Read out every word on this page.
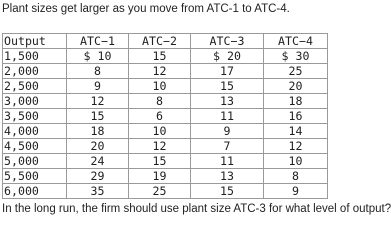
Plant sizes get larger as you move from ATC-1 to ATC-4.
Output	ATC−1	ATC−2	ATC−3	ATC−4
1,500	$ 10	15	$ 20	$ 30
2,000	8	12	17	25
2,500	9	10	15	20
3,000	12	8	13	18
3,500	15	6	11	16
4,000	18	10	9	14
4,500	20	12	7	12
5,000	24	15	11	10
5,500	29	19	13	8
6,000	35	25	15	9
In the long run, the firm should use plant size ATC-3 for what level of output?
